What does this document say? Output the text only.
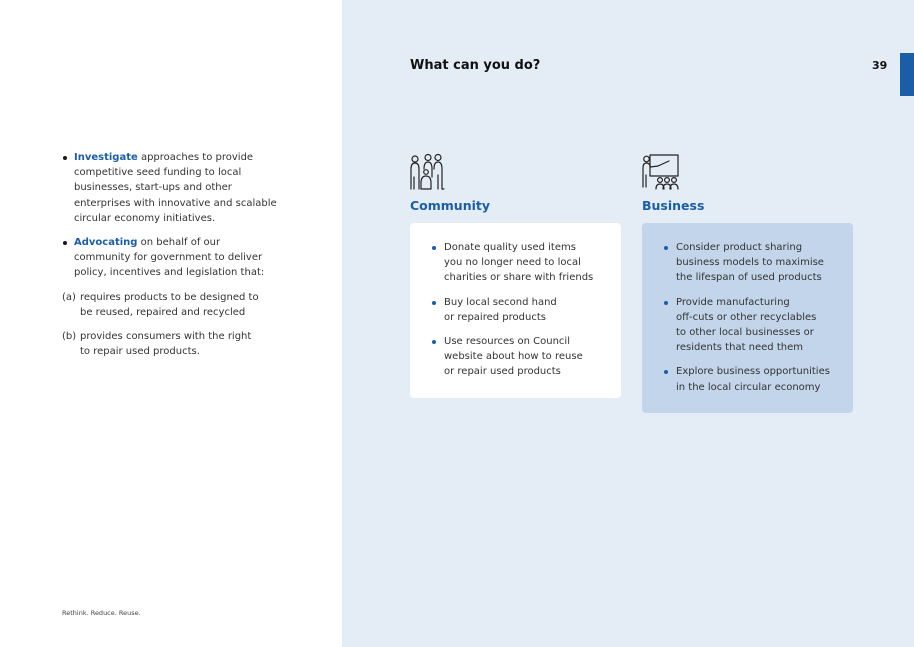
Investigate approaches to provide competitive seed funding to local businesses, start-ups and other enterprises with innovative and scalable circular economy initiatives.
Advocating on behalf of our community for government to deliver policy, incentives and legislation that:
(a) requires products to be designed to be reused, repaired and recycled
(b) provides consumers with the right to repair used products.
Rethink. Reduce. Reuse.
What can you do?	39
Community	Business
Donate quality used items
you no longer need to local
charities or share with friends
Buy local second hand
or repaired products
Use resources on Council
website about how to reuse
or repair used products
Consider product sharing
business models to maximise
the lifespan of used products
Provide manufacturing
off-cuts or other recyclables
to other local businesses or
residents that need them
Explore business opportunities
in the local circular economy
